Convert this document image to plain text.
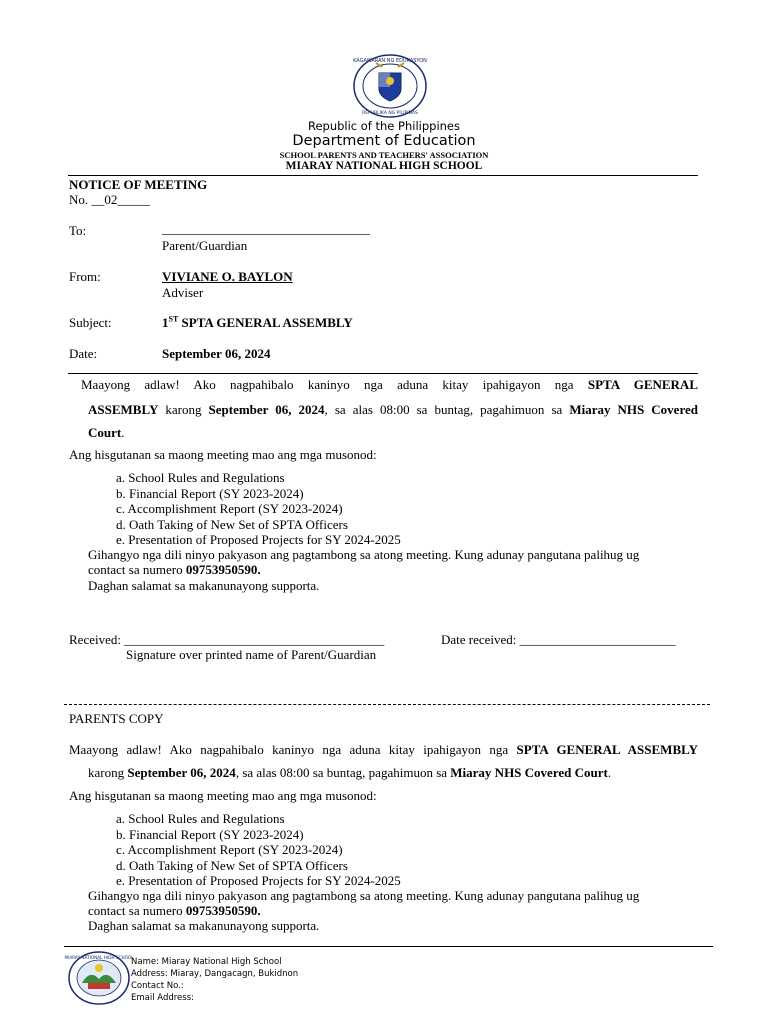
KAGAWARAN NG EDUKASYON
REPUBLIKA NG PILIPINAS
Republic of the Philippines
Department of Education
SCHOOL PARENTS AND TEACHERS' ASSOCIATION
MIARAY NATIONAL HIGH SCHOOL
NOTICE OF MEETING
No. __02_____
To:	________________________________
Parent/Guardian
From:	VIVIANE O. BAYLON
Adviser
Subject:	1ST SPTA GENERAL ASSEMBLY
Date:	September 06, 2024
Maayong adlaw! Ako nagpahibalo kaninyo nga aduna kitay ipahigayon nga SPTA GENERAL
ASSEMBLY karong September 06, 2024, sa alas 08:00 sa buntag, pagahimuon sa Miaray NHS Covered
Court.
Ang hisgutanan sa maong meeting mao ang mga musonod:
a. School Rules and Regulations
b. Financial Report (SY 2023-2024)
c. Accomplishment Report (SY 2023-2024)
d. Oath Taking of New Set of SPTA Officers
e. Presentation of Proposed Projects for SY 2024-2025
Gihangyo nga dili ninyo pakyason ang pagtambong sa atong meeting. Kung adunay pangutana palihug ug
contact sa numero 09753950590.
Daghan salamat sa makanunayong supporta.
Received: ________________________________________	Date received: ________________________
Signature over printed name of Parent/Guardian
PARENTS COPY
Maayong adlaw! Ako nagpahibalo kaninyo nga aduna kitay ipahigayon nga SPTA GENERAL ASSEMBLY
karong September 06, 2024, sa alas 08:00 sa buntag, pagahimuon sa Miaray NHS Covered Court.
Ang hisgutanan sa maong meeting mao ang mga musonod:
a. School Rules and Regulations
b. Financial Report (SY 2023-2024)
c. Accomplishment Report (SY 2023-2024)
d. Oath Taking of New Set of SPTA Officers
e. Presentation of Proposed Projects for SY 2024-2025
Gihangyo nga dili ninyo pakyason ang pagtambong sa atong meeting. Kung adunay pangutana palihug ug
contact sa numero 09753950590.
Daghan salamat sa makanunayong supporta.
MIARAY NATIONAL HIGH SCHOOL
Name: Miaray National High School
Address: Miaray, Dangacagn, Bukidnon
Contact No.:
Email Address:
